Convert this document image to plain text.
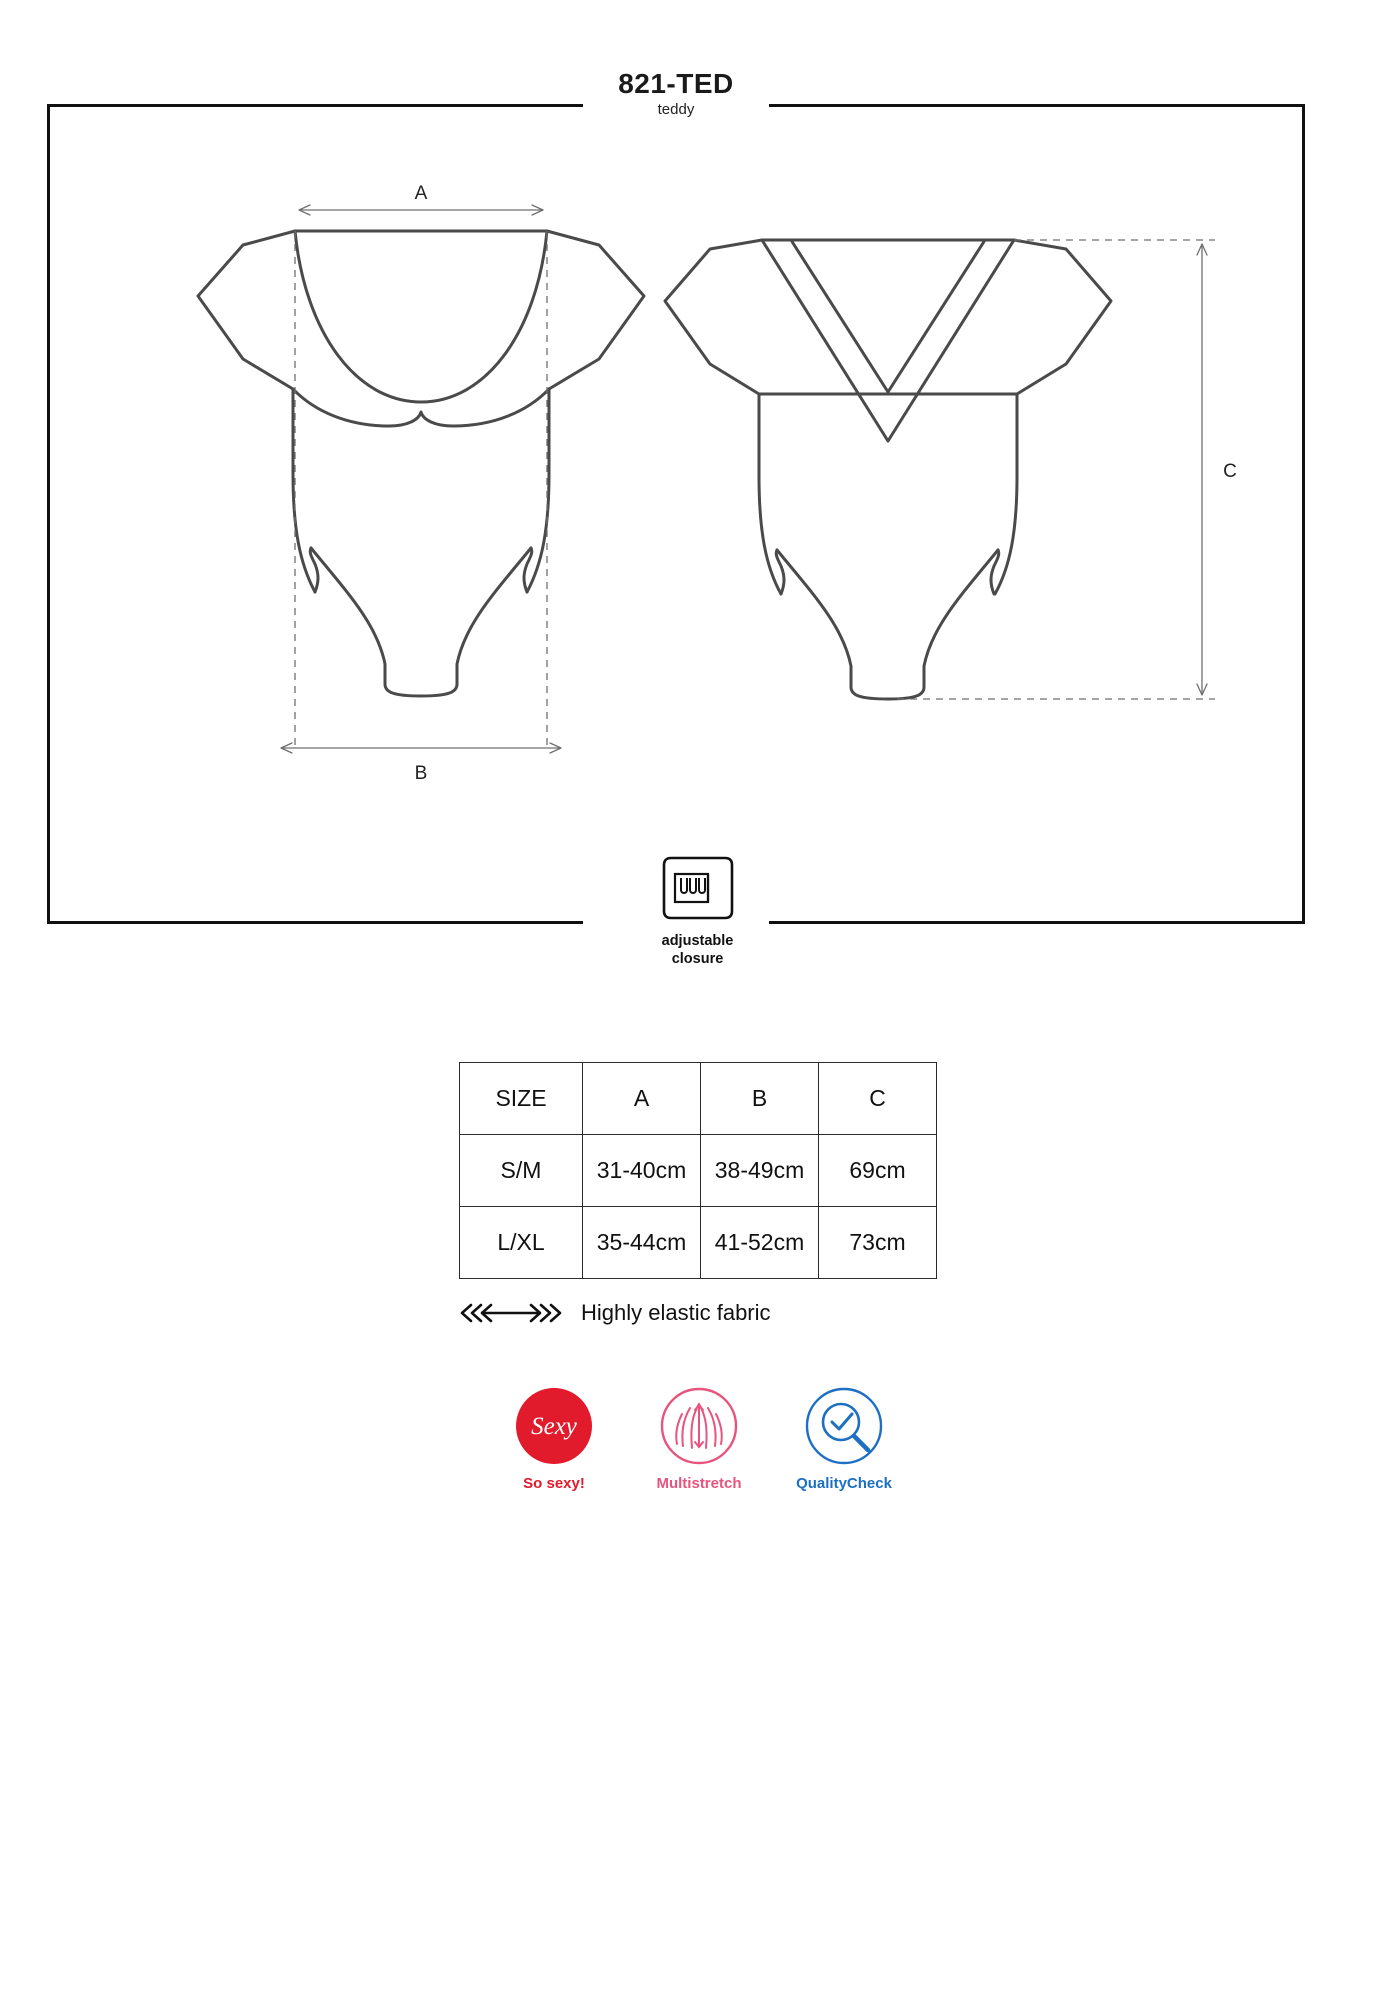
821-TED
teddy
A
B
C
adjustable
closure
SIZE	A	B	C
S/M	31-40cm	38-49cm	69cm
L/XL	35-44cm	41-52cm	73cm
Highly elastic fabric
Sexy
So sexy!	Multistretch	QualityCheck
